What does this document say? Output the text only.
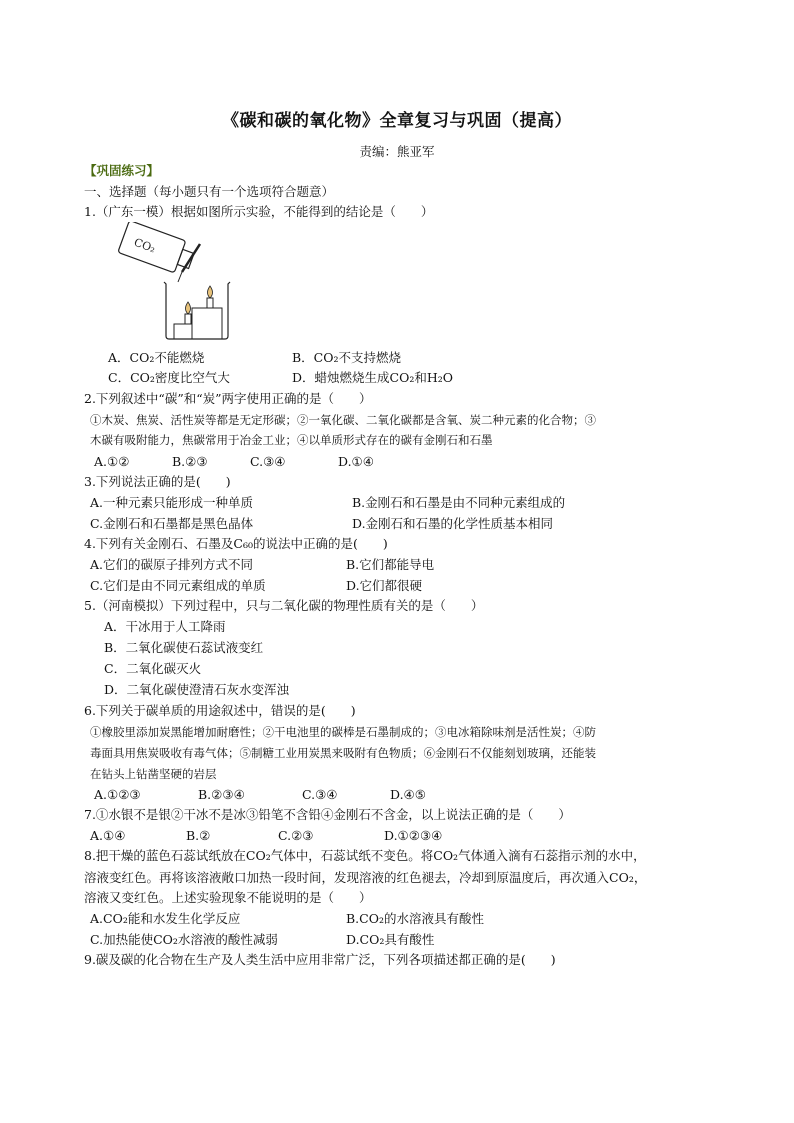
《碳和碳的氧化物》全章复习与巩固（提高）
责编：熊亚军
【巩固练习】
一、选择题（每小题只有一个选项符合题意）
1.（广东一模）根据如图所示实验，不能得到的结论是（　　）
CO₂
A．CO₂不能燃烧	B．CO₂不支持燃烧
C．CO₂密度比空气大	D．蜡烛燃烧生成CO₂和H₂O
2.下列叙述中“碳”和“炭”两字使用正确的是（　　）
①木炭、焦炭、活性炭等都是无定形碳；②一氧化碳、二氧化碳都是含氧、炭二种元素的化合物；③
木碳有吸附能力，焦碳常用于冶金工业；④以单质形式存在的碳有金刚石和石墨
A.①②	B.②③	C.③④	D.①④
3.下列说法正确的是(　　)
A.一种元素只能形成一种单质	B.金刚石和石墨是由不同种元素组成的
C.金刚石和石墨都是黑色晶体	D.金刚石和石墨的化学性质基本相同
4.下列有关金刚石、石墨及C₆₀的说法中正确的是(　　)
A.它们的碳原子排列方式不同	B.它们都能导电
C.它们是由不同元素组成的单质	D.它们都很硬
5.（河南模拟）下列过程中，只与二氧化碳的物理性质有关的是（　　）
A．干冰用于人工降雨
B．二氧化碳使石蕊试液变红
C．二氧化碳灭火
D．二氧化碳使澄清石灰水变浑浊
6.下列关于碳单质的用途叙述中，错误的是(　　)
①橡胶里添加炭黑能增加耐磨性；②干电池里的碳棒是石墨制成的；③电冰箱除味剂是活性炭；④防
毒面具用焦炭吸收有毒气体；⑤制糖工业用炭黑来吸附有色物质；⑥金刚石不仅能刻划玻璃，还能装
在钻头上钻凿坚硬的岩层
A.①②③	B.②③④	C.③④	D.④⑤
7.①水银不是银②干冰不是冰③铅笔不含铅④金刚石不含金，以上说法正确的是（　　）
A.①④	B.②	C.②③	D.①②③④
8.把干燥的蓝色石蕊试纸放在CO₂气体中，石蕊试纸不变色。将CO₂气体通入滴有石蕊指示剂的水中，
溶液变红色。再将该溶液敞口加热一段时间，发现溶液的红色褪去，冷却到原温度后，再次通入CO₂，
溶液又变红色。上述实验现象不能说明的是（　　）
A.CO₂能和水发生化学反应	B.CO₂的水溶液具有酸性
C.加热能使CO₂水溶液的酸性减弱	D.CO₂具有酸性
9.碳及碳的化合物在生产及人类生活中应用非常广泛，下列各项描述都正确的是(　　)
